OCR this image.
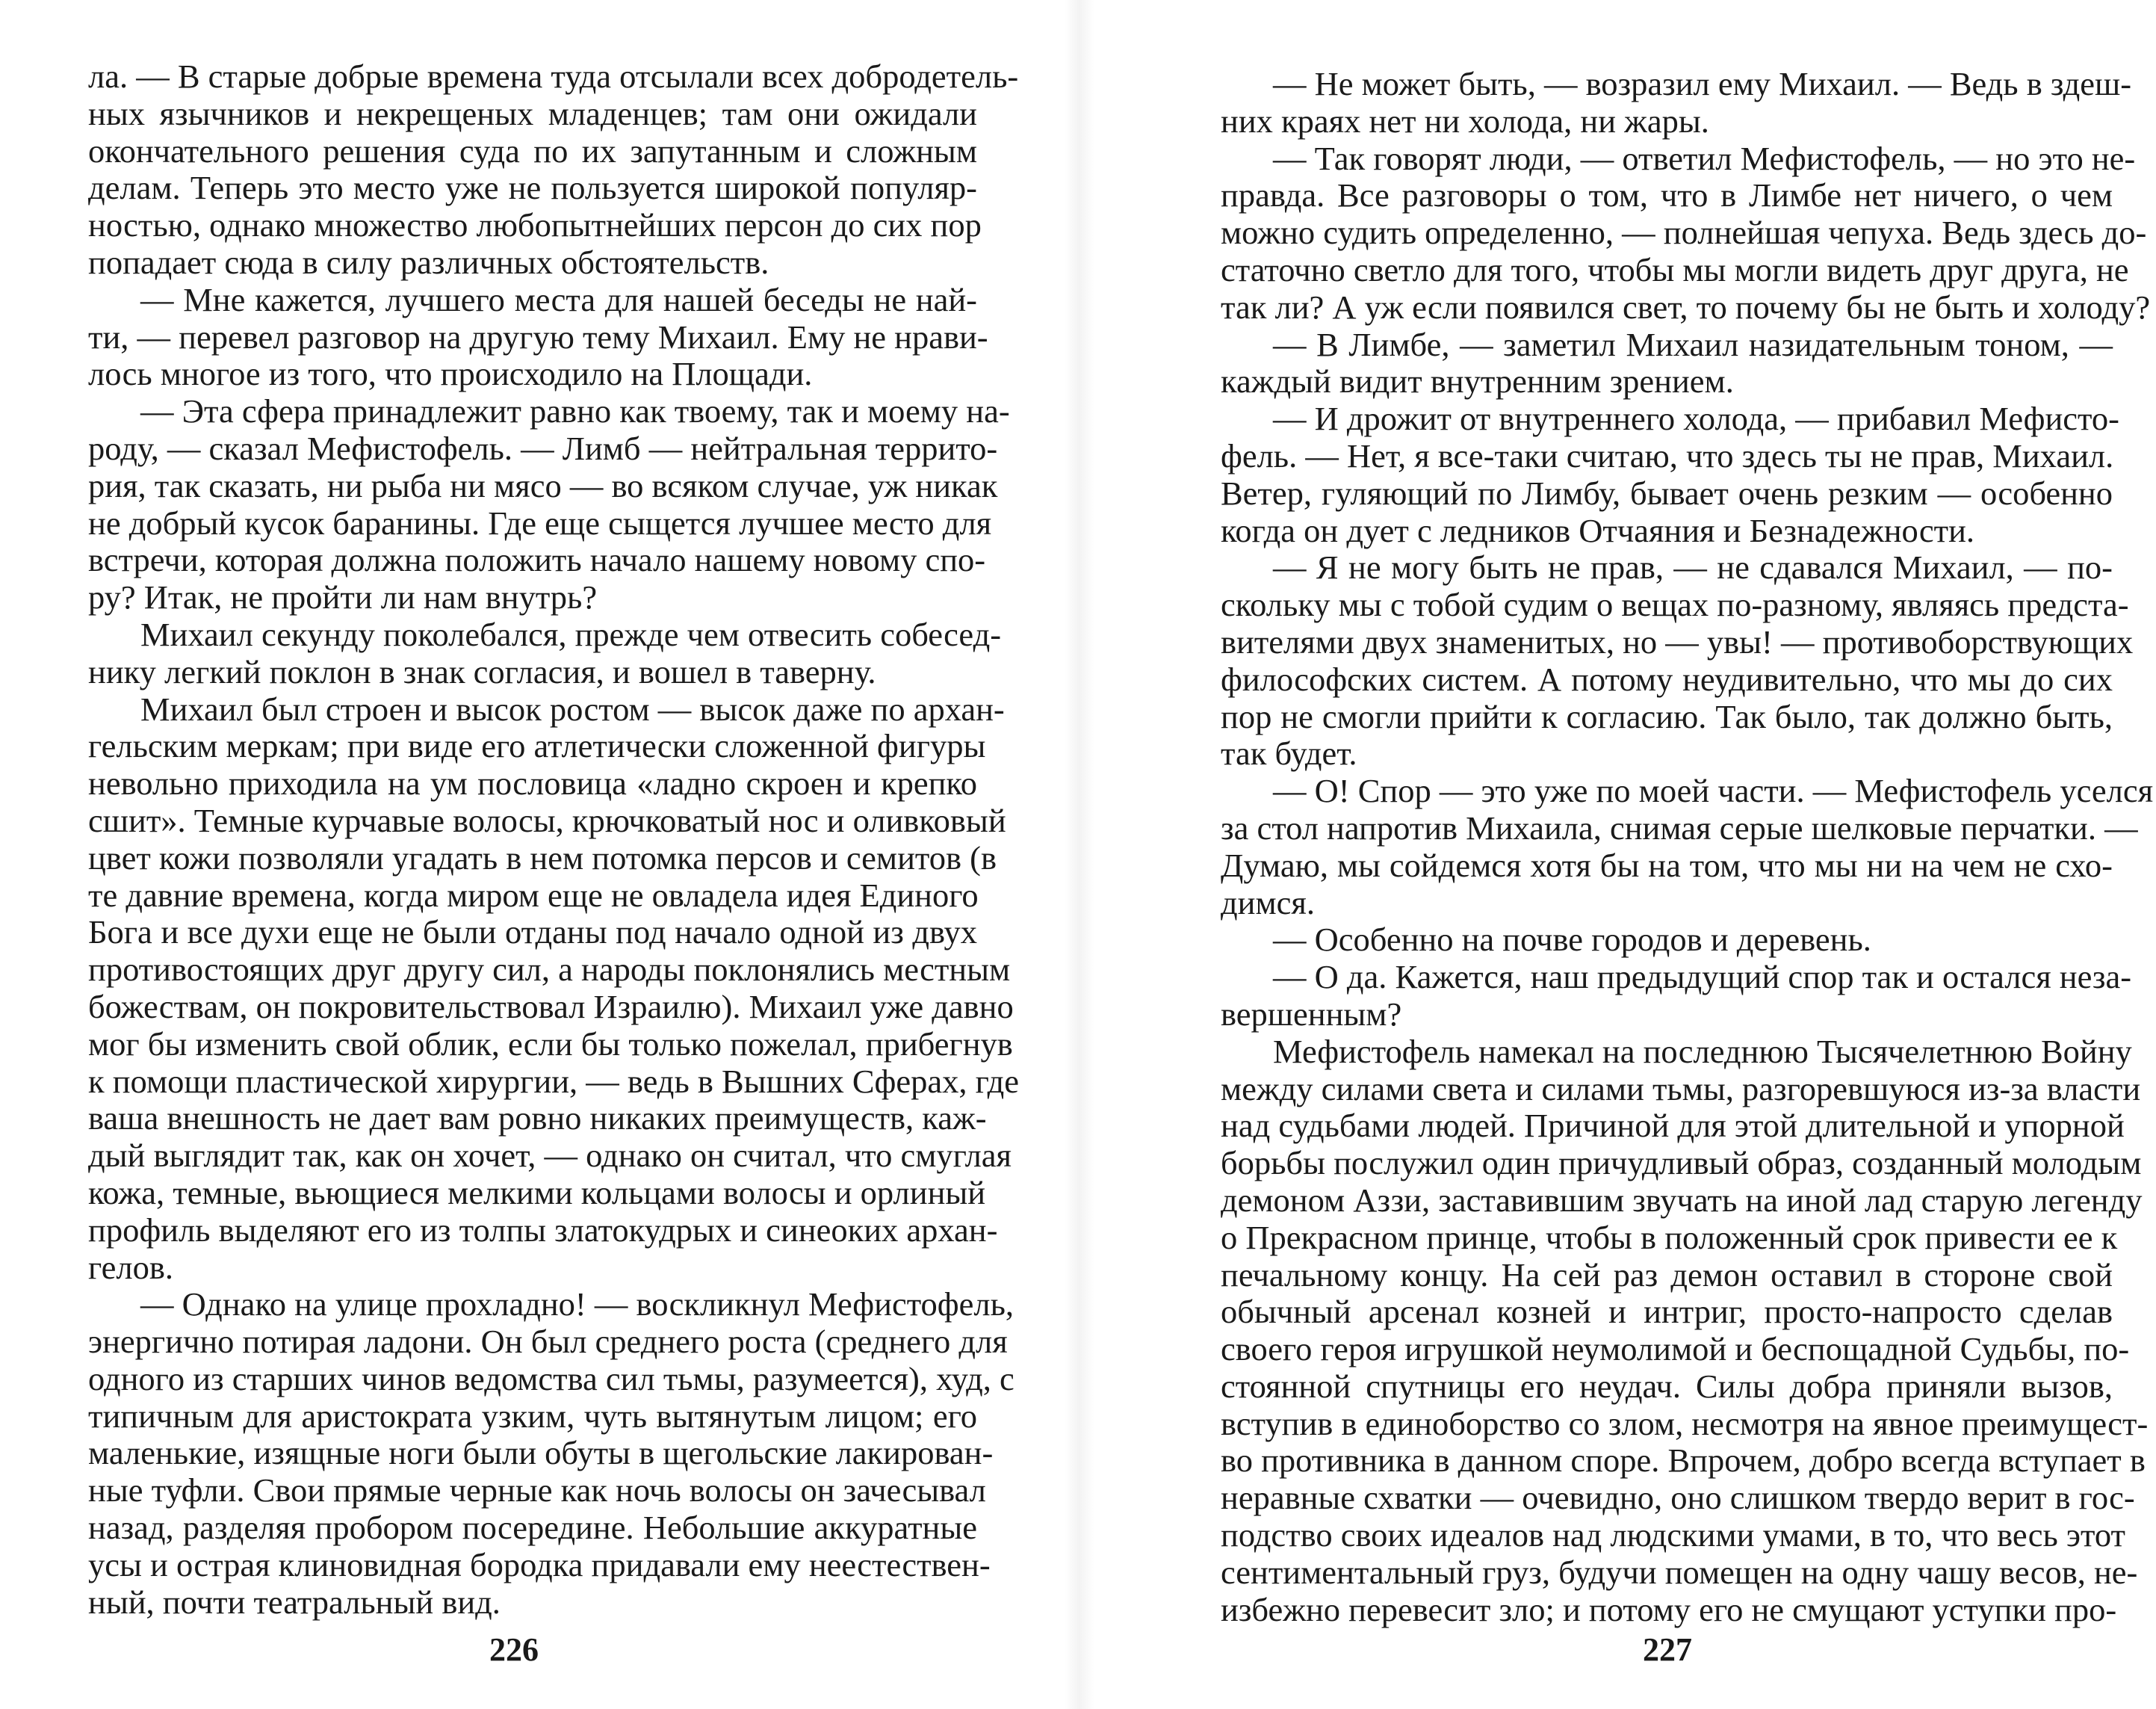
ла. — В старые добрые времена туда отсылали всех добродетель-
ных язычников и некрещеных младенцев; там они ожидали
окончательного решения суда по их запутанным и сложным
делам. Теперь это место уже не пользуется широкой популяр-
ностью, однако множество любопытнейших персон до сих пор
попадает сюда в силу различных обстоятельств.
— Мне кажется, лучшего места для нашей беседы не най-
ти, — перевел разговор на другую тему Михаил. Ему не нрави-
лось многое из того, что происходило на Площади.
— Эта сфера принадлежит равно как твоему, так и моему на-
роду, — сказал Мефистофель. — Лимб — нейтральная террито-
рия, так сказать, ни рыба ни мясо — во всяком случае, уж никак
не добрый кусок баранины. Где еще сыщется лучшее место для
встречи, которая должна положить начало нашему новому спо-
ру? Итак, не пройти ли нам внутрь?
Михаил секунду поколебался, прежде чем отвесить собесед-
нику легкий поклон в знак согласия, и вошел в таверну.
Михаил был строен и высок ростом — высок даже по архан-
гельским меркам; при виде его атлетически сложенной фигуры
невольно приходила на ум пословица «ладно скроен и крепко
сшит». Темные курчавые волосы, крючковатый нос и оливковый
цвет кожи позволяли угадать в нем потомка персов и семитов (в
те давние времена, когда миром еще не овладела идея Единого
Бога и все духи еще не были отданы под начало одной из двух
противостоящих друг другу сил, а народы поклонялись местным
божествам, он покровительствовал Израилю). Михаил уже давно
мог бы изменить свой облик, если бы только пожелал, прибегнув
к помощи пластической хирургии, — ведь в Вышних Сферах, где
ваша внешность не дает вам ровно никаких преимуществ, каж-
дый выглядит так, как он хочет, — однако он считал, что смуглая
кожа, темные, вьющиеся мелкими кольцами волосы и орлиный
профиль выделяют его из толпы златокудрых и синеоких архан-
гелов.
— Однако на улице прохладно! — воскликнул Мефистофель,
энергично потирая ладони. Он был среднего роста (среднего для
одного из старших чинов ведомства сил тьмы, разумеется), худ, с
типичным для аристократа узким, чуть вытянутым лицом; его
маленькие, изящные ноги были обуты в щегольские лакирован-
ные туфли. Свои прямые черные как ночь волосы он зачесывал
назад, разделяя пробором посередине. Небольшие аккуратные
усы и острая клиновидная бородка придавали ему неестествен-
ный, почти театральный вид.
226
— Не может быть, — возразил ему Михаил. — Ведь в здеш-
них краях нет ни холода, ни жары.
— Так говорят люди, — ответил Мефистофель, — но это не-
правда. Все разговоры о том, что в Лимбе нет ничего, о чем
можно судить определенно, — полнейшая чепуха. Ведь здесь до-
статочно светло для того, чтобы мы могли видеть друг друга, не
так ли? А уж если появился свет, то почему бы не быть и холоду?
— В Лимбе, — заметил Михаил назидательным тоном, —
каждый видит внутренним зрением.
— И дрожит от внутреннего холода, — прибавил Мефисто-
фель. — Нет, я все-таки считаю, что здесь ты не прав, Михаил.
Ветер, гуляющий по Лимбу, бывает очень резким — особенно
когда он дует с ледников Отчаяния и Безнадежности.
— Я не могу быть не прав, — не сдавался Михаил, — по-
скольку мы с тобой судим о вещах по-разному, являясь предста-
вителями двух знаменитых, но — увы! — противоборствующих
философских систем. А потому неудивительно, что мы до сих
пор не смогли прийти к согласию. Так было, так должно быть,
так будет.
— О! Спор — это уже по моей части. — Мефистофель уселся
за стол напротив Михаила, снимая серые шелковые перчатки. —
Думаю, мы сойдемся хотя бы на том, что мы ни на чем не схо-
димся.
— Особенно на почве городов и деревень.
— О да. Кажется, наш предыдущий спор так и остался неза-
вершенным?
Мефистофель намекал на последнюю Тысячелетнюю Войну
между силами света и силами тьмы, разгоревшуюся из-за власти
над судьбами людей. Причиной для этой длительной и упорной
борьбы послужил один причудливый образ, созданный молодым
демоном Аззи, заставившим звучать на иной лад старую легенду
о Прекрасном принце, чтобы в положенный срок привести ее к
печальному концу. На сей раз демон оставил в стороне свой
обычный арсенал козней и интриг, просто-напросто сделав
своего героя игрушкой неумолимой и беспощадной Судьбы, по-
стоянной спутницы его неудач. Силы добра приняли вызов,
вступив в единоборство со злом, несмотря на явное преимущест-
во противника в данном споре. Впрочем, добро всегда вступает в
неравные схватки — очевидно, оно слишком твердо верит в гос-
подство своих идеалов над людскими умами, в то, что весь этот
сентиментальный груз, будучи помещен на одну чашу весов, не-
избежно перевесит зло; и потому его не смущают уступки про-
227
